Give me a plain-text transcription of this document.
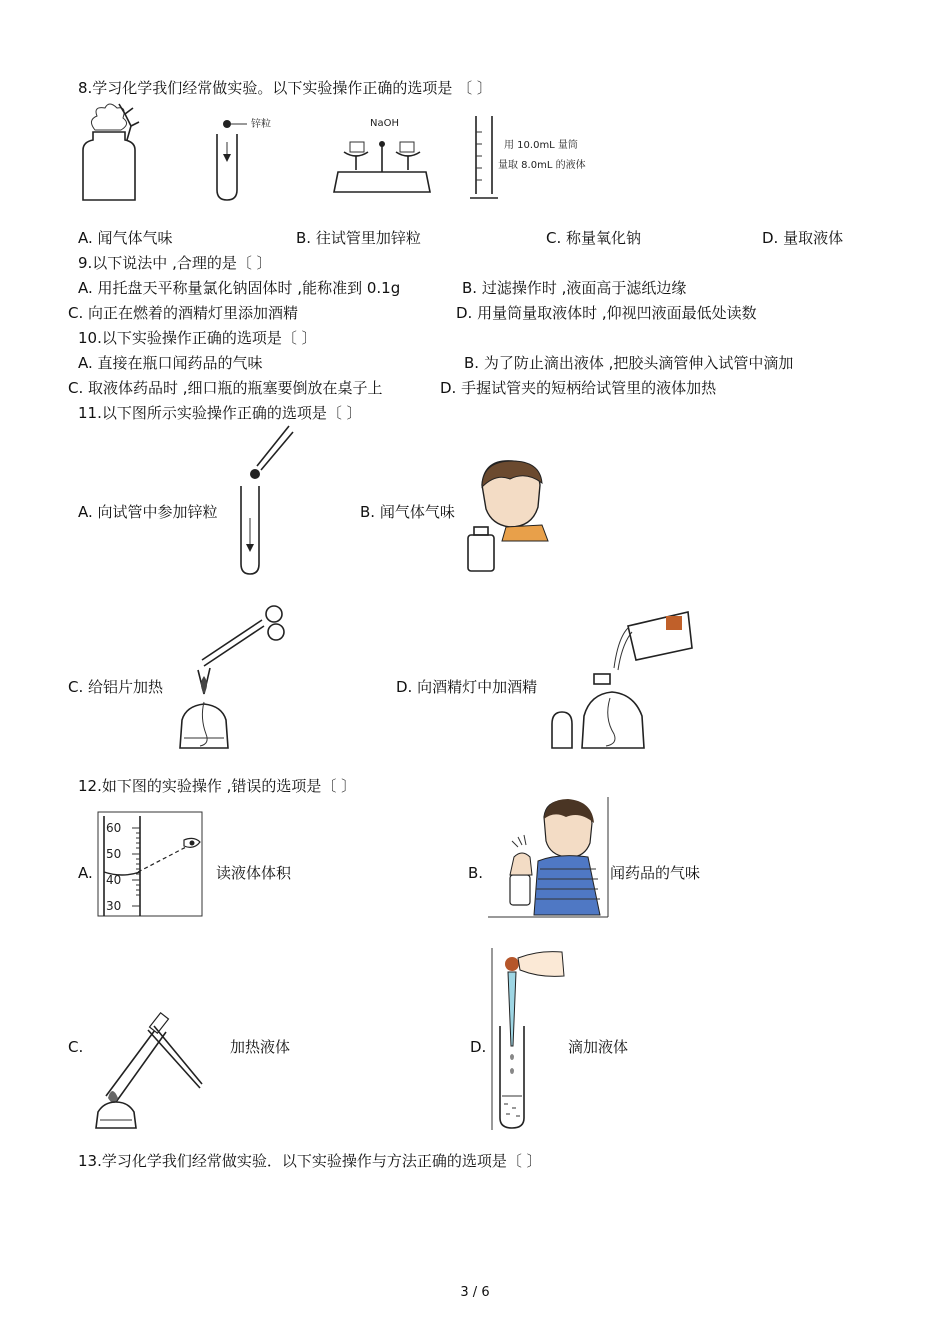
8.学习化学我们经常做实验。以下实验操作正确的选项是 〔 〕
锌粒	NaOH
用 10.0mL 量筒
量取 8.0mL 的液体
A. 闻气体气味	B. 往试管里加锌粒	C. 称量氧化钠	D. 量取液体
9.以下说法中 ,合理的是〔 〕
A. 用托盘天平称量氯化钠固体时 ,能称准到 0.1g	B. 过滤操作时 ,液面高于滤纸边缘
C. 向正在燃着的酒精灯里添加酒精	D. 用量筒量取液体时 ,仰视凹液面最低处读数
10.以下实验操作正确的选项是〔 〕
A. 直接在瓶口闻药品的气味	B. 为了防止滴出液体 ,把胶头滴管伸入试管中滴加
C. 取液体药品时 ,细口瓶的瓶塞要倒放在桌子上	D. 手握试管夹的短柄给试管里的液体加热
11.以下图所示实验操作正确的选项是〔 〕
A. 向试管中参加锌粒	B. 闻气体气味
C. 给铝片加热	D. 向酒精灯中加酒精
12.如下图的实验操作 ,错误的选项是〔 〕
A.
60
50
40
30
读液体体积	B.	闻药品的气味
C.	加热液体	D.	滴加液体
13.学习化学我们经常做实验．以下实验操作与方法正确的选项是〔 〕
3 / 6
